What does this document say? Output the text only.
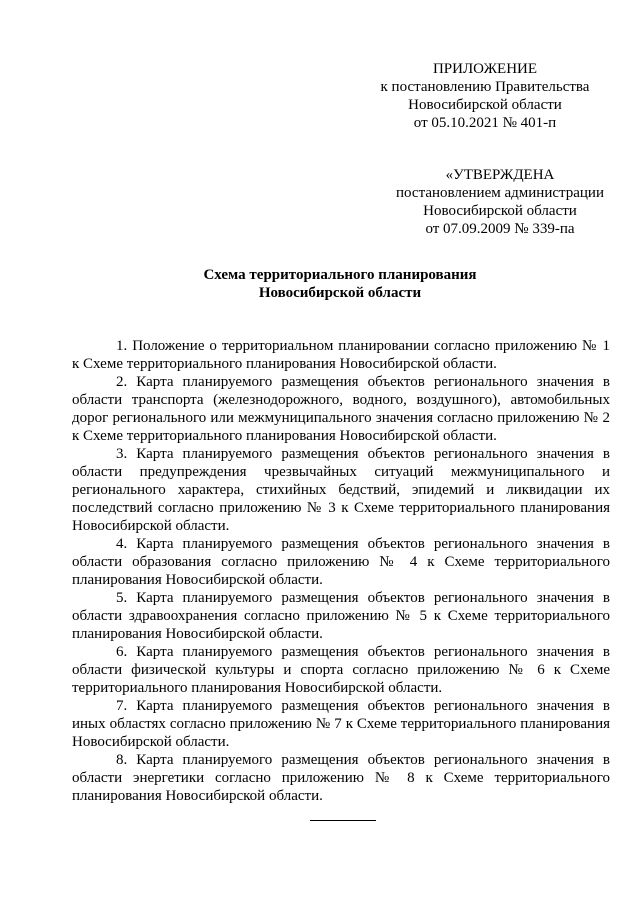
ПРИЛОЖЕНИЕ
к постановлению Правительства
Новосибирской области
от 05.10.2021 № 401-п
«УТВЕРЖДЕНА
постановлением администрации
Новосибирской области
от 07.09.2009 № 339-па
Схема территориального планирования
Новосибирской области

1. Положение о территориальном планировании согласно приложению № 1 к Схеме территориального планирования Новосибирской области.

2. Карта планируемого размещения объектов регионального значения в области транспорта (железнодорожного, водного, воздушного), автомобильных дорог регионального или межмуниципального значения согласно приложению № 2 к Схеме территориального планирования Новосибирской области.

3. Карта планируемого размещения объектов регионального значения в области предупреждения чрезвычайных ситуаций межмуниципального и регионального характера, стихийных бедствий, эпидемий и ликвидации их последствий согласно приложению № 3 к Схеме территориального планирования Новосибирской области.

4. Карта планируемого размещения объектов регионального значения в области образования согласно приложению № 4 к Схеме территориального планирования Новосибирской области.

5. Карта планируемого размещения объектов регионального значения в области здравоохранения согласно приложению № 5 к Схеме территориального планирования Новосибирской области.

6. Карта планируемого размещения объектов регионального значения в области физической культуры и спорта согласно приложению № 6 к Схеме территориального планирования Новосибирской области.

7. Карта планируемого размещения объектов регионального значения в иных областях согласно приложению № 7 к Схеме территориального планирования Новосибирской области.

8. Карта планируемого размещения объектов регионального значения в области энергетики согласно приложению № 8 к Схеме территориального планирования Новосибирской области.
